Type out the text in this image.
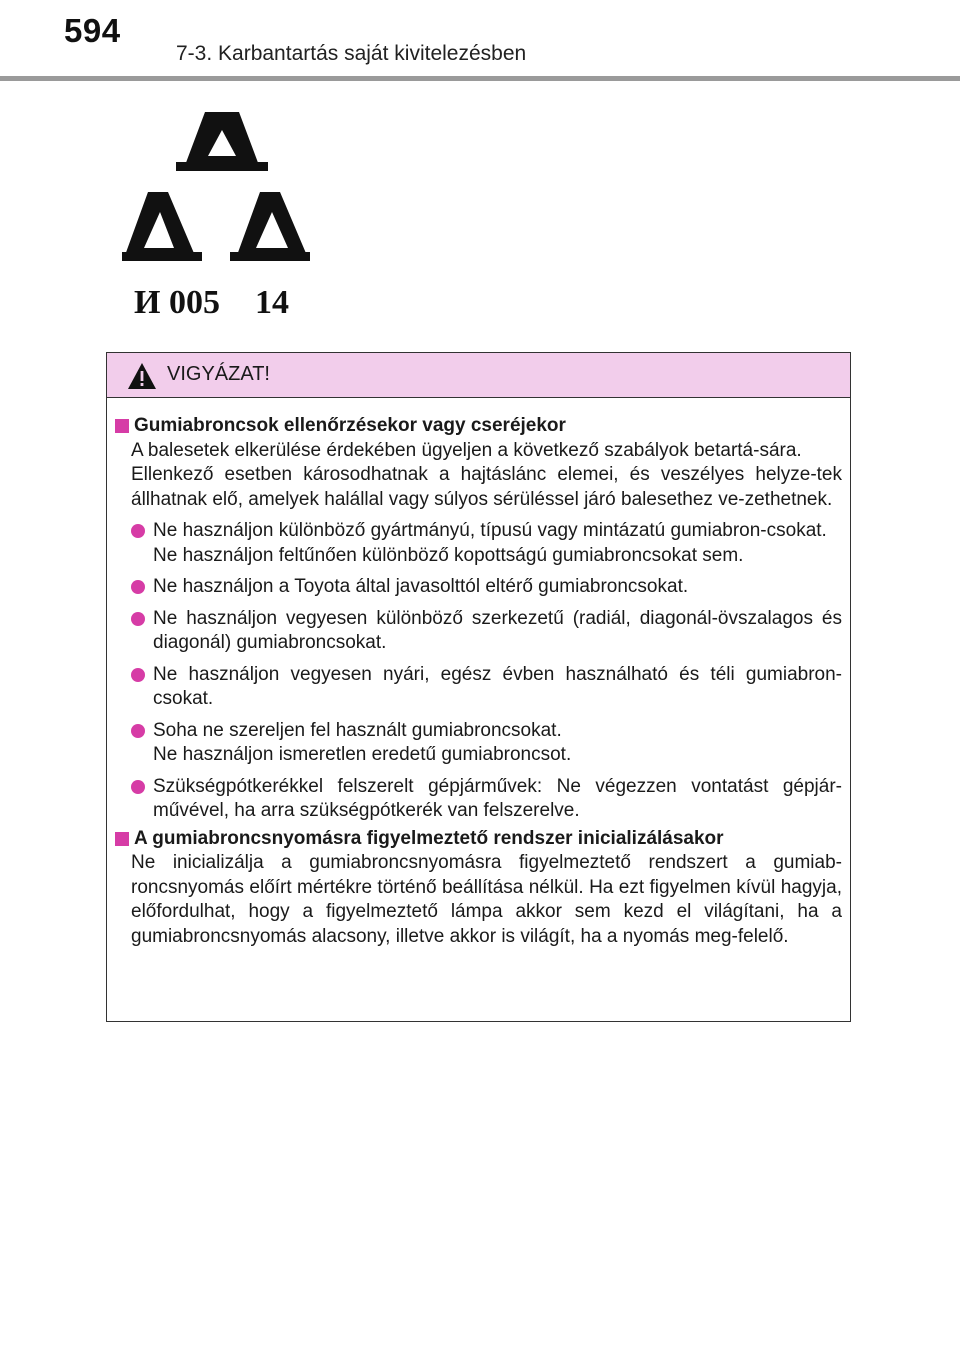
594
7-3. Karbantartás saját kivitelezésben
И 005 14
VIGYÁZAT!
Gumiabroncsok ellenőrzésekor vagy cseréjekor
A balesetek elkerülése érdekében ügyeljen a következő szabályok betartá-sára.
Ellenkező esetben károsodhatnak a hajtáslánc elemei, és veszélyes helyze-tek állhatnak elő, amelyek halállal vagy súlyos sérüléssel járó balesethez ve-zethetnek.
Ne használjon különböző gyártmányú, típusú vagy mintázatú gumiabron-csokat.
Ne használjon feltűnően különböző kopottságú gumiabroncsokat sem.
Ne használjon a Toyota által javasolttól eltérő gumiabroncsokat.
Ne használjon vegyesen különböző szerkezetű (radiál, diagonál-övszalagos és diagonál) gumiabroncsokat.
Ne használjon vegyesen nyári, egész évben használható és téli gumiabron-csokat.
Soha ne szereljen fel használt gumiabroncsokat.
Ne használjon ismeretlen eredetű gumiabroncsot.
Szükségpótkerékkel felszerelt gépjárművek: Ne végezzen vontatást gépjár-művével, ha arra szükségpótkerék van felszerelve.
A gumiabroncsnyomásra figyelmeztető rendszer inicializálásakor
Ne inicializálja a gumiabroncsnyomásra figyelmeztető rendszert a gumiab-roncsnyomás előírt mértékre történő beállítása nélkül. Ha ezt figyelmen kívül hagyja, előfordulhat, hogy a figyelmeztető lámpa akkor sem kezd el világítani, ha a gumiabroncsnyomás alacsony, illetve akkor is világít, ha a nyomás meg-felelő.
